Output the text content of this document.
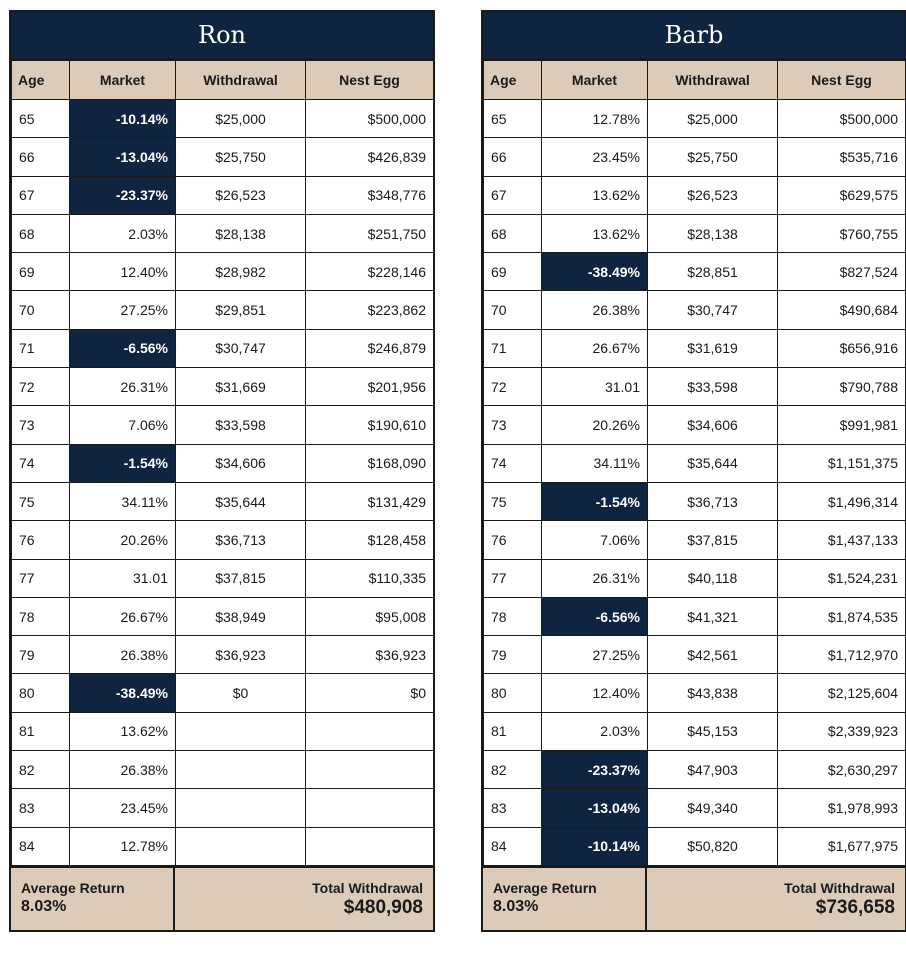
Ron
Age	Market	Withdrawal	Nest Egg
65	-10.14%	$25,000	$500,000
66	-13.04%	$25,750	$426,839
67	-23.37%	$26,523	$348,776
68	2.03%	$28,138	$251,750
69	12.40%	$28,982	$228,146
70	27.25%	$29,851	$223,862
71	-6.56%	$30,747	$246,879
72	26.31%	$31,669	$201,956
73	7.06%	$33,598	$190,610
74	-1.54%	$34,606	$168,090
75	34.11%	$35,644	$131,429
76	20.26%	$36,713	$128,458
77	31.01	$37,815	$110,335
78	26.67%	$38,949	$95,008
79	26.38%	$36,923	$36,923
80	-38.49%	$0	$0
81	13.62%		
82	26.38%		
83	23.45%		
84	12.78%		
Average Return
8.03%
Total Withdrawal
$480,908
Barb
Age	Market	Withdrawal	Nest Egg
65	12.78%	$25,000	$500,000
66	23.45%	$25,750	$535,716
67	13.62%	$26,523	$629,575
68	13.62%	$28,138	$760,755
69	-38.49%	$28,851	$827,524
70	26.38%	$30,747	$490,684
71	26.67%	$31,619	$656,916
72	31.01	$33,598	$790,788
73	20.26%	$34,606	$991,981
74	34.11%	$35,644	$1,151,375
75	-1.54%	$36,713	$1,496,314
76	7.06%	$37,815	$1,437,133
77	26.31%	$40,118	$1,524,231
78	-6.56%	$41,321	$1,874,535
79	27.25%	$42,561	$1,712,970
80	12.40%	$43,838	$2,125,604
81	2.03%	$45,153	$2,339,923
82	-23.37%	$47,903	$2,630,297
83	-13.04%	$49,340	$1,978,993
84	-10.14%	$50,820	$1,677,975
Average Return
8.03%
Total Withdrawal
$736,658
